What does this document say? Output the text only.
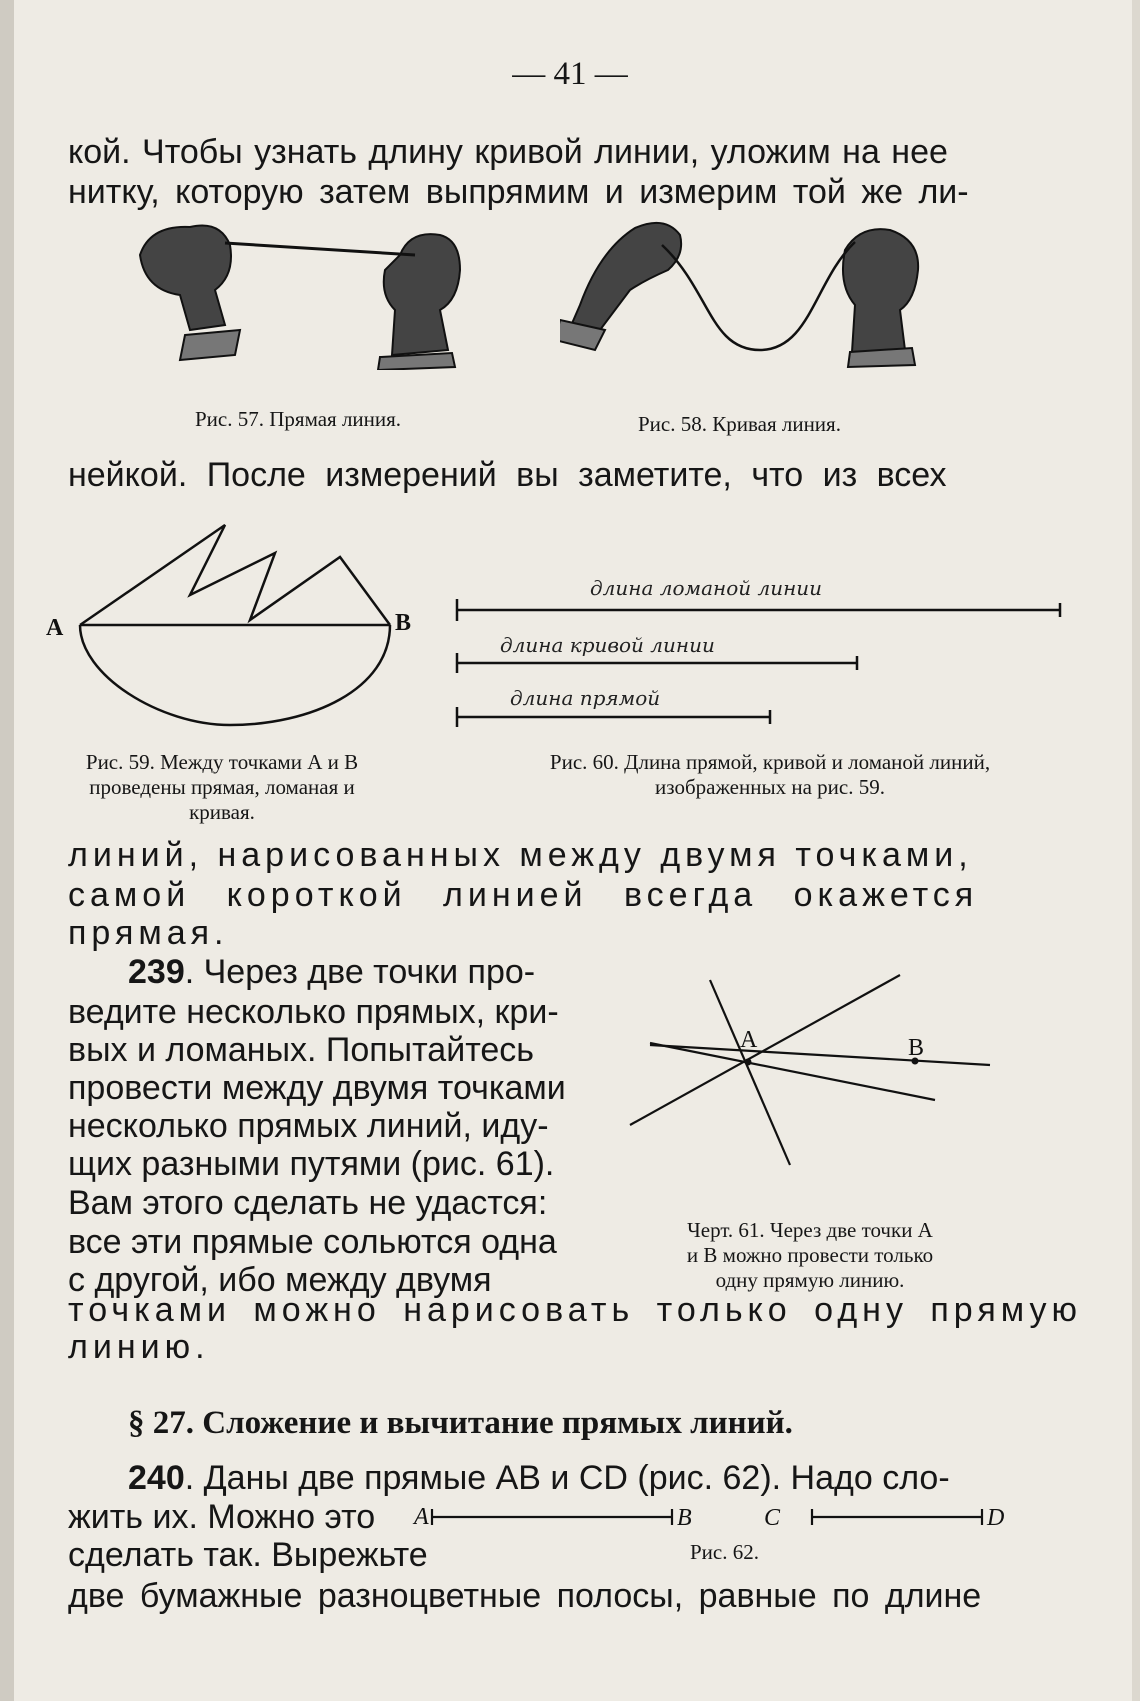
— 41 —
кой. Чтобы узнать длину кривой линии, уложим на нее
нитку, которую затем выпрямим и измерим той же ли-
Рис. 57. Прямая линия.	Рис. 58. Кривая линия.
нейкой. После измерений вы заметите, что из всех
A	B
длина ломаной линии
длина кривой линии
длина прямой
Рис. 59. Между точками А и В
проведены прямая, ломаная и
кривая.
Рис. 60. Длина прямой, кривой и ломаной линий,
изображенных на рис. 59.
линий, нарисованных между двумя точками,
самой короткой линией всегда окажется
прямая.
239. Через две точки про-
ведите несколько прямых, кри-
вых и ломаных. Попытайтесь
провести между двумя точками
несколько прямых линий, иду-
щих разными путями (рис. 61).
Вам этого сделать не удастся:
все эти прямые сольются одна
с другой, ибо между двумя
A	B
Черт. 61. Через две точки А
и В можно провести только
одну прямую линию.
точками можно нарисовать только одну прямую
линию.
§ 27. Сложение и вычитание прямых линий.
240. Даны две прямые АВ и CD (рис. 62). Надо сло-
жить их. Можно это
сделать так. Вырежьте
A	B	C	D
Рис. 62.
две бумажные разноцветные полосы, равные по длине
